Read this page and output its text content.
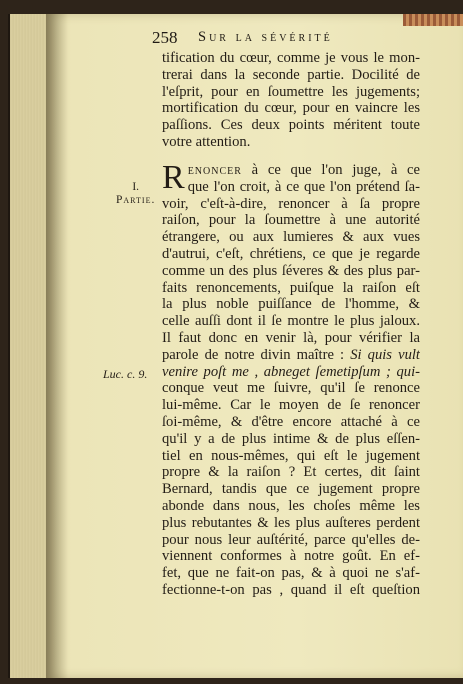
258 Sur la sévérité
tification du cœur, comme je vous le mon-
trerai dans la seconde partie. Docilité de
l'eſprit, pour en ſoumettre les jugements;
mortification du cœur, pour en vaincre les
paſſions. Ces deux points méritent toute
votre attention.
I.
Partie.
Luc. c. 9.
R enoncer à ce que l'on juge, à ce
que l'on croit, à ce que l'on prétend ſa-
voir, c'eſt-à-dire, renoncer à ſa propre
raiſon, pour la ſoumettre à une autorité
étrangere, ou aux lumieres & aux vues
d'autrui, c'eſt, chrétiens, ce que je regarde
comme un des plus ſéveres & des plus par-
faits renoncements, puiſque la raiſon eſt
la plus noble puiſſance de l'homme, &
celle auſſi dont il ſe montre le plus jaloux.
Il faut donc en venir là, pour vérifier la
parole de notre divin maître : Si quis vult
venire poſt me , abneget ſemetipſum ; qui-
conque veut me ſuivre, qu'il ſe renonce
lui-même. Car le moyen de ſe renoncer
ſoi-même, & d'être encore attaché à ce
qu'il y a de plus intime & de plus eſſen-
tiel en nous-mêmes, qui eſt le jugement
propre & la raiſon ? Et certes, dit ſaint
Bernard, tandis que ce jugement propre
abonde dans nous, les choſes même les
plus rebutantes & les plus auſteres perdent
pour nous leur auſtérité, parce qu'elles de-
viennent conformes à notre goût. En ef-
fet, que ne fait-on pas, & à quoi ne s'af-
fectionne-t-on pas , quand il eſt queſtion
